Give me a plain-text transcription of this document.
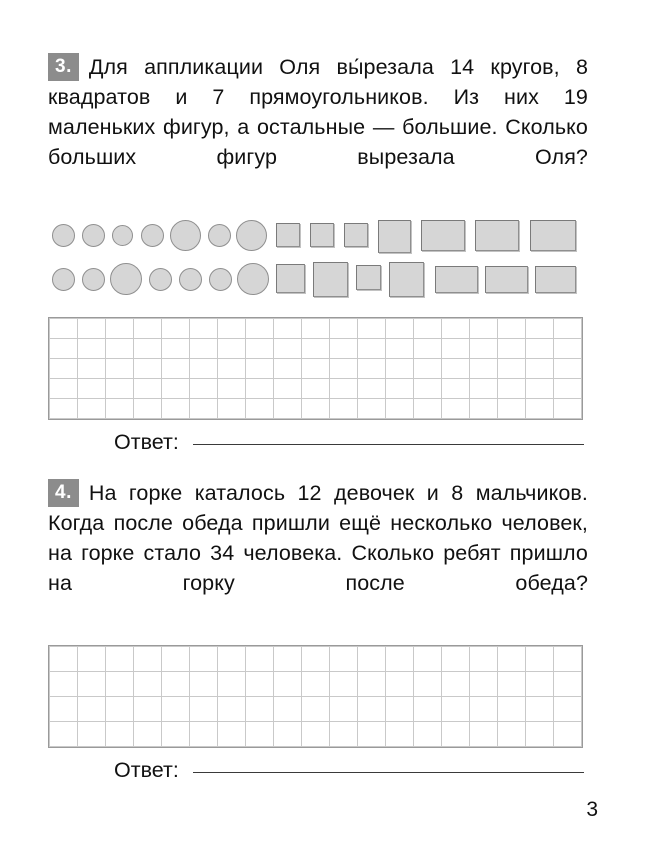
3. Для аппликации Оля вы́резала 14 кругов, 8 квадратов и 7 прямоугольников. Из них 19 маленьких фигур, а остальные — большие. Сколько больших фигур вырезала Оля?

Ответ:

4. На горке каталось 12 девочек и 8 мальчиков. Когда после обеда пришли ещё несколько человек, на горке стало 34 человека. Сколько ребят пришло на горку после обеда?

Ответ:
3
